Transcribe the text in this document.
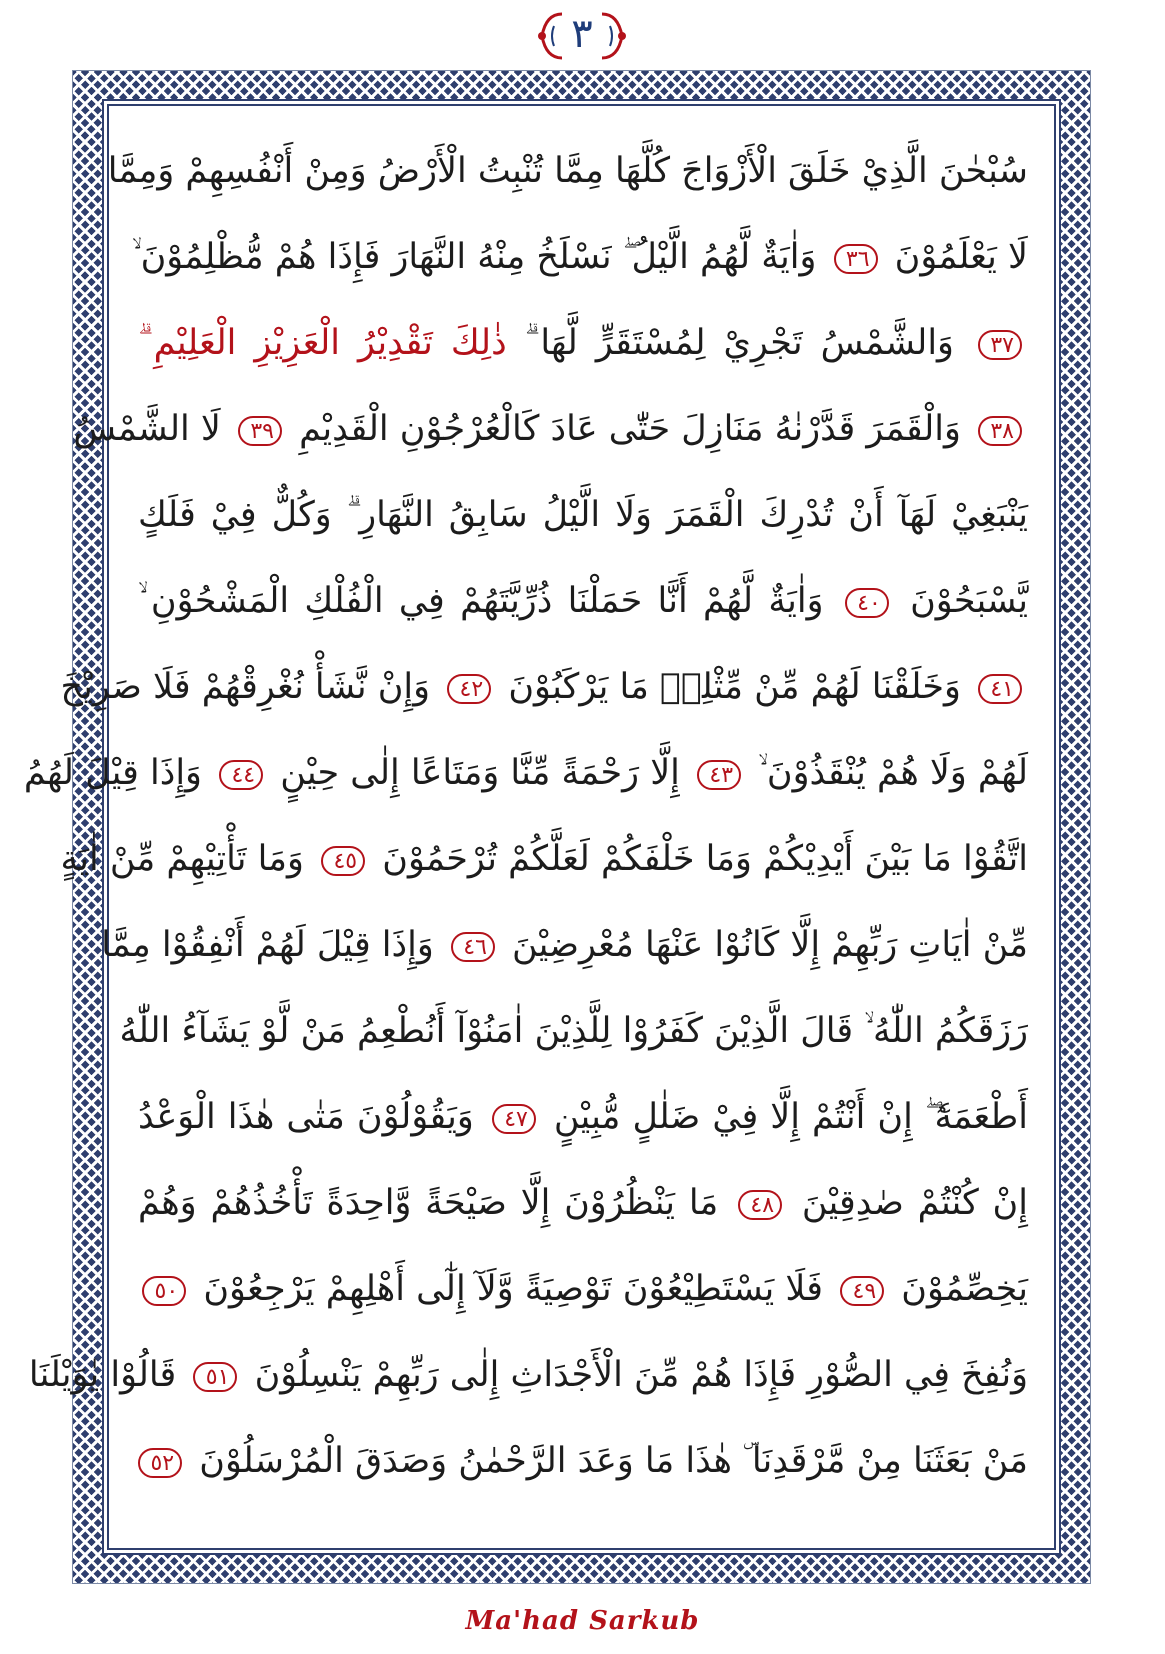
٣
سُبْحٰنَ الَّذِيْ خَلَقَ الْأَزْوَاجَ كُلَّهَا مِمَّا تُنْبِتُ الْأَرْضُ وَمِنْ أَنْفُسِهِمْ وَمِمَّا
لَا يَعْلَمُوْنَ ٣٦ وَاٰيَةٌ لَّهُمُ الَّيْلُ ۖ نَسْلَخُ مِنْهُ النَّهَارَ فَإِذَا هُمْ مُّظْلِمُوْنَ ۙ
٣٧ وَالشَّمْسُ تَجْرِيْ لِمُسْتَقَرٍّ لَّهَا ۗ ذٰلِكَ تَقْدِيْرُ الْعَزِيْزِ الْعَلِيْمِ ۗ
٣٨ وَالْقَمَرَ قَدَّرْنٰهُ مَنَازِلَ حَتّٰى عَادَ كَالْعُرْجُوْنِ الْقَدِيْمِ ٣٩ لَا الشَّمْسُ
يَنْبَغِيْ لَهَآ أَنْ تُدْرِكَ الْقَمَرَ وَلَا الَّيْلُ سَابِقُ النَّهَارِ ۗ وَكُلٌّ فِيْ فَلَكٍ
يَّسْبَحُوْنَ ٤٠ وَاٰيَةٌ لَّهُمْ أَنَّا حَمَلْنَا ذُرِّيَّتَهُمْ فِي الْفُلْكِ الْمَشْحُوْنِ ۙ
٤١ وَخَلَقْنَا لَهُمْ مِّنْ مِّثْلِهٖ مَا يَرْكَبُوْنَ ٤٢ وَإِنْ نَّشَأْ نُغْرِقْهُمْ فَلَا صَرِيْخَ
لَهُمْ وَلَا هُمْ يُنْقَذُوْنَ ۙ ٤٣ إِلَّا رَحْمَةً مِّنَّا وَمَتَاعًا إِلٰى حِيْنٍ ٤٤ وَإِذَا قِيْلَ لَهُمُ
اتَّقُوْا مَا بَيْنَ أَيْدِيْكُمْ وَمَا خَلْفَكُمْ لَعَلَّكُمْ تُرْحَمُوْنَ ٤٥ وَمَا تَأْتِيْهِمْ مِّنْ اٰيَةٍ
مِّنْ اٰيَاتِ رَبِّهِمْ إِلَّا كَانُوْا عَنْهَا مُعْرِضِيْنَ ٤٦ وَإِذَا قِيْلَ لَهُمْ أَنْفِقُوْا مِمَّا
رَزَقَكُمُ اللّٰهُ ۙ قَالَ الَّذِيْنَ كَفَرُوْا لِلَّذِيْنَ اٰمَنُوْآ أَنُطْعِمُ مَنْ لَّوْ يَشَآءُ اللّٰهُ
أَطْعَمَهٗٓ ۖ إِنْ أَنْتُمْ إِلَّا فِيْ ضَلٰلٍ مُّبِيْنٍ ٤٧ وَيَقُوْلُوْنَ مَتٰى هٰذَا الْوَعْدُ
إِنْ كُنْتُمْ صٰدِقِيْنَ ٤٨ مَا يَنْظُرُوْنَ إِلَّا صَيْحَةً وَّاحِدَةً تَأْخُذُهُمْ وَهُمْ
يَخِصِّمُوْنَ ٤٩ فَلَا يَسْتَطِيْعُوْنَ تَوْصِيَةً وَّلَآ إِلٰٓى أَهْلِهِمْ يَرْجِعُوْنَ ٥٠
وَنُفِخَ فِي الصُّوْرِ فَإِذَا هُمْ مِّنَ الْأَجْدَاثِ إِلٰى رَبِّهِمْ يَنْسِلُوْنَ ٥١ قَالُوْا يٰوَيْلَنَا
مَنْ بَعَثَنَا مِنْ مَّرْقَدِنَا ۜ هٰذَا مَا وَعَدَ الرَّحْمٰنُ وَصَدَقَ الْمُرْسَلُوْنَ ٥٢
Ma'had Sarkub
